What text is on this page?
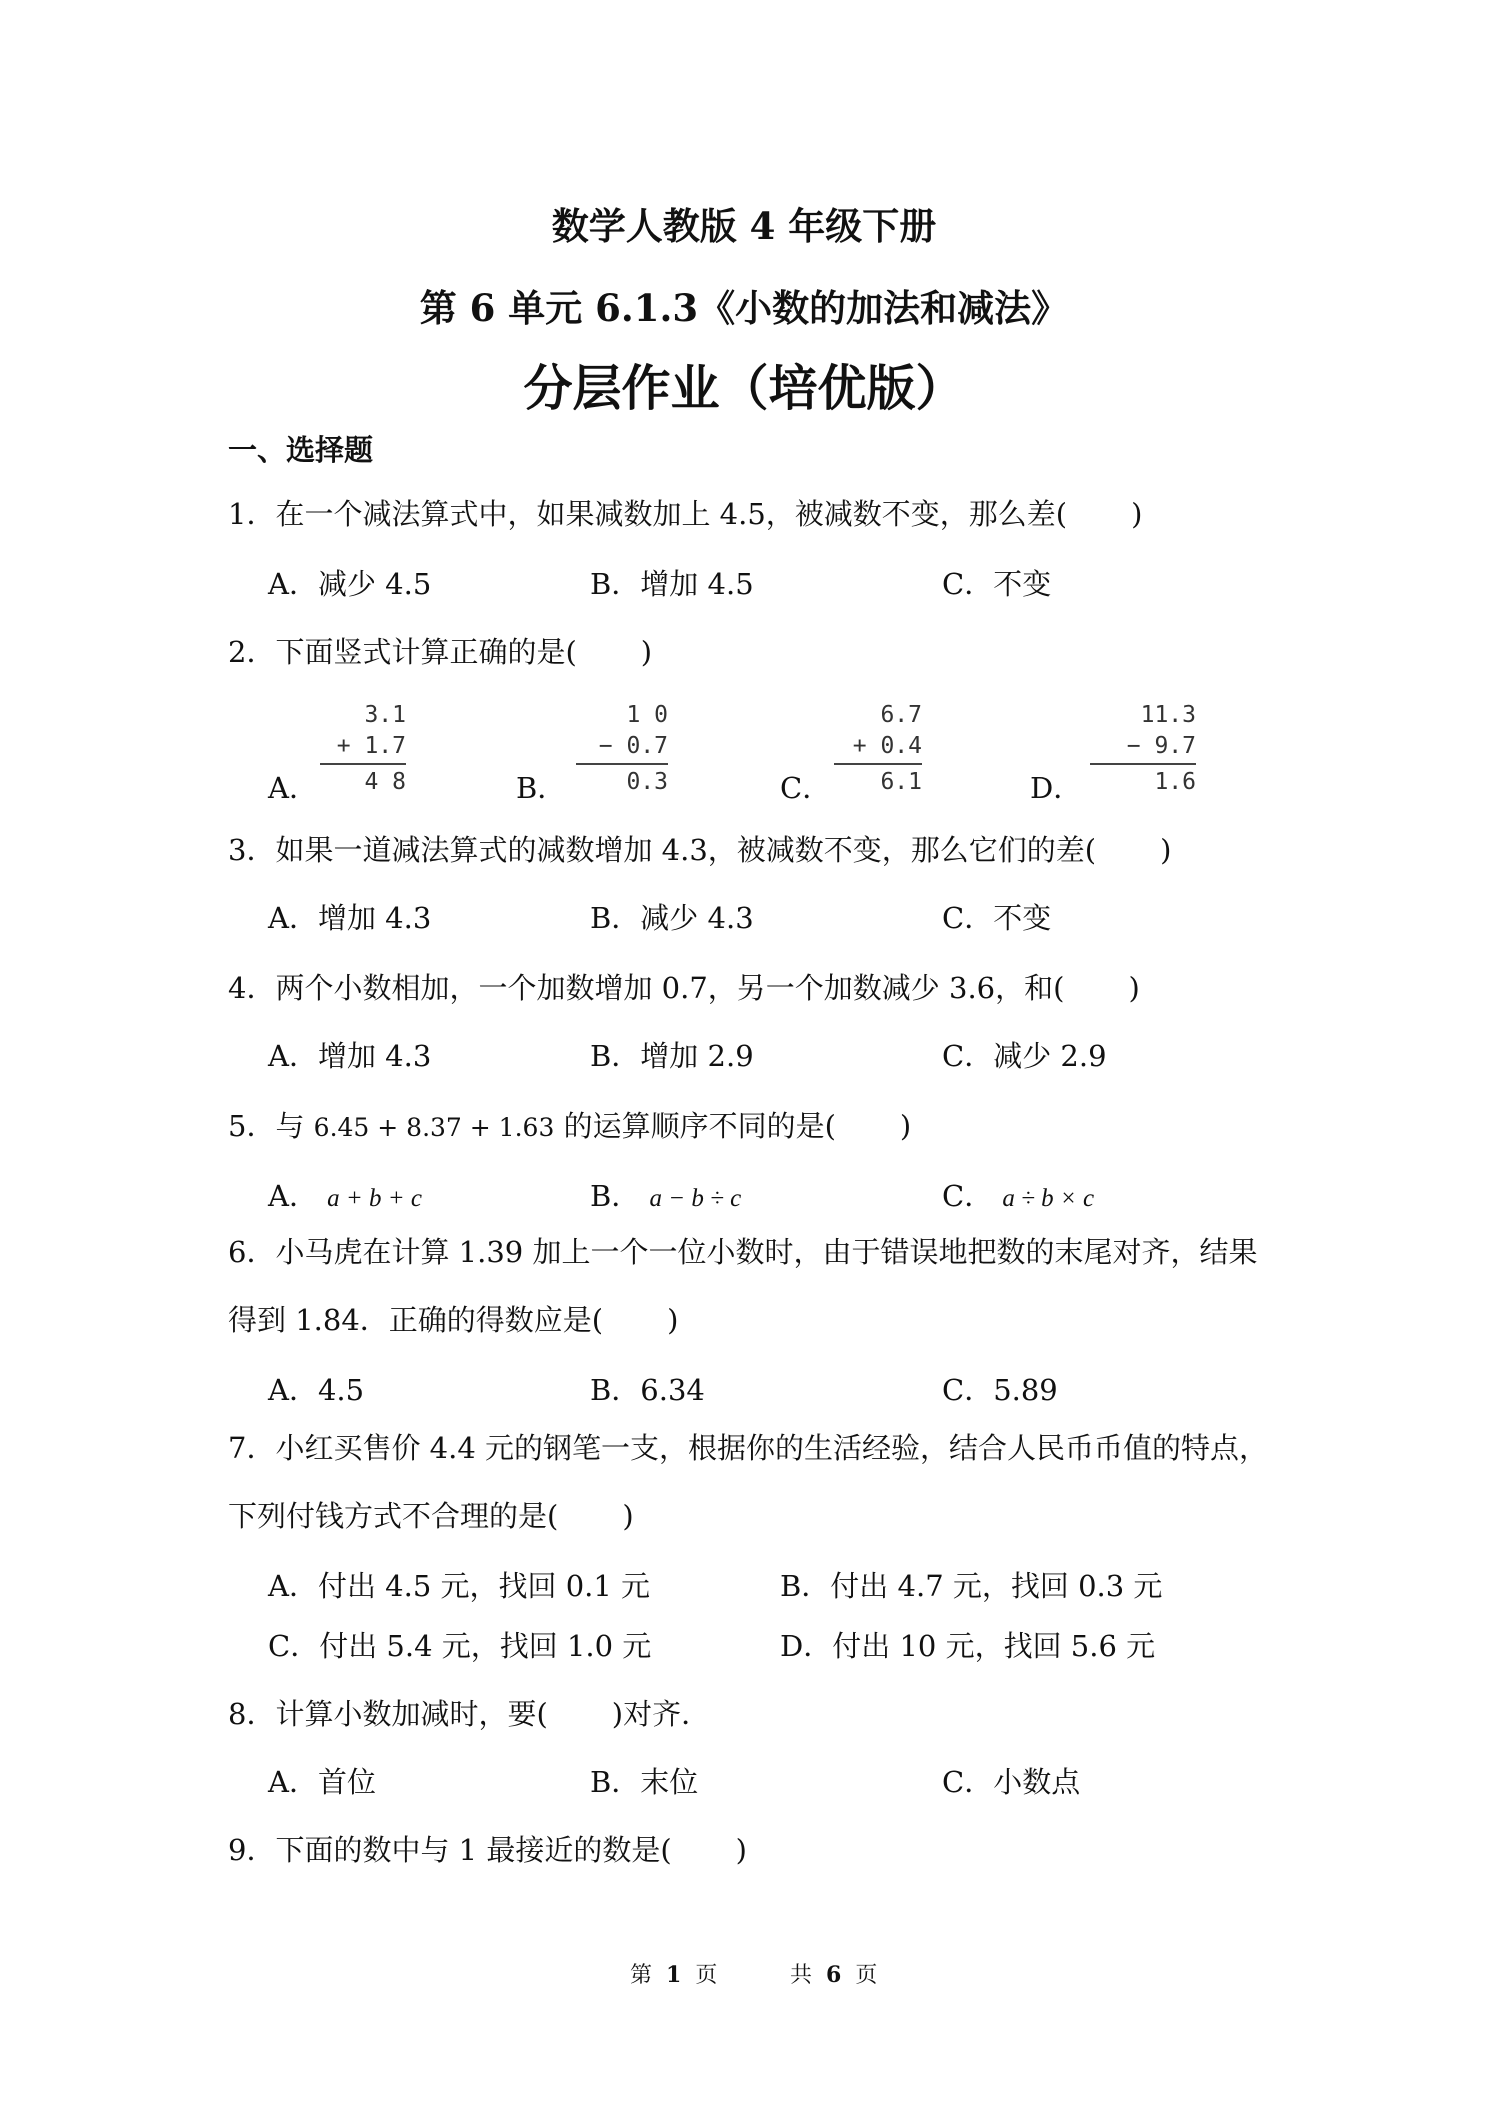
数学人教版 4 年级下册
第 6 单元 6.1.3《小数的加法和减法》
分层作业（培优版）
一、选择题
1．在一个减法算式中，如果减数加上 4.5，被减数不变，那么差( )
A．减少 4.5	B．增加 4.5	C．不变
2．下面竖式计算正确的是( )
A．
3.1
+ 1.7
4 8	B．
1 0
− 0.7
0.3	C．
6.7
+ 0.4
6.1	D．
11.3
− 9.7
1.6
3．如果一道减法算式的减数增加 4.3，被减数不变，那么它们的差( )
A．增加 4.3	B．减少 4.3	C．不变
4．两个小数相加，一个加数增加 0.7，另一个加数减少 3.6，和( )
A．增加 4.3	B．增加 2.9	C．减少 2.9
5．与 6.45 + 8.37 + 1.63 的运算顺序不同的是( )
A． a + b + c	B． a − b ÷ c	C． a ÷ b × c
6．小马虎在计算 1.39 加上一个一位小数时，由于错误地把数的末尾对齐，结果
得到 1.84．正确的得数应是( )
A．4.5	B．6.34	C．5.89
7．小红买售价 4.4 元的钢笔一支，根据你的生活经验，结合人民币币值的特点，
下列付钱方式不合理的是( )
A．付出 4.5 元，找回 0.1 元	B．付出 4.7 元，找回 0.3 元
C．付出 5.4 元，找回 1.0 元	D．付出 10 元，找回 5.6 元
8．计算小数加减时，要( )对齐．
A．首位	B．末位	C．小数点
9．下面的数中与 1 最接近的数是( )
第 1 页	共 6 页
